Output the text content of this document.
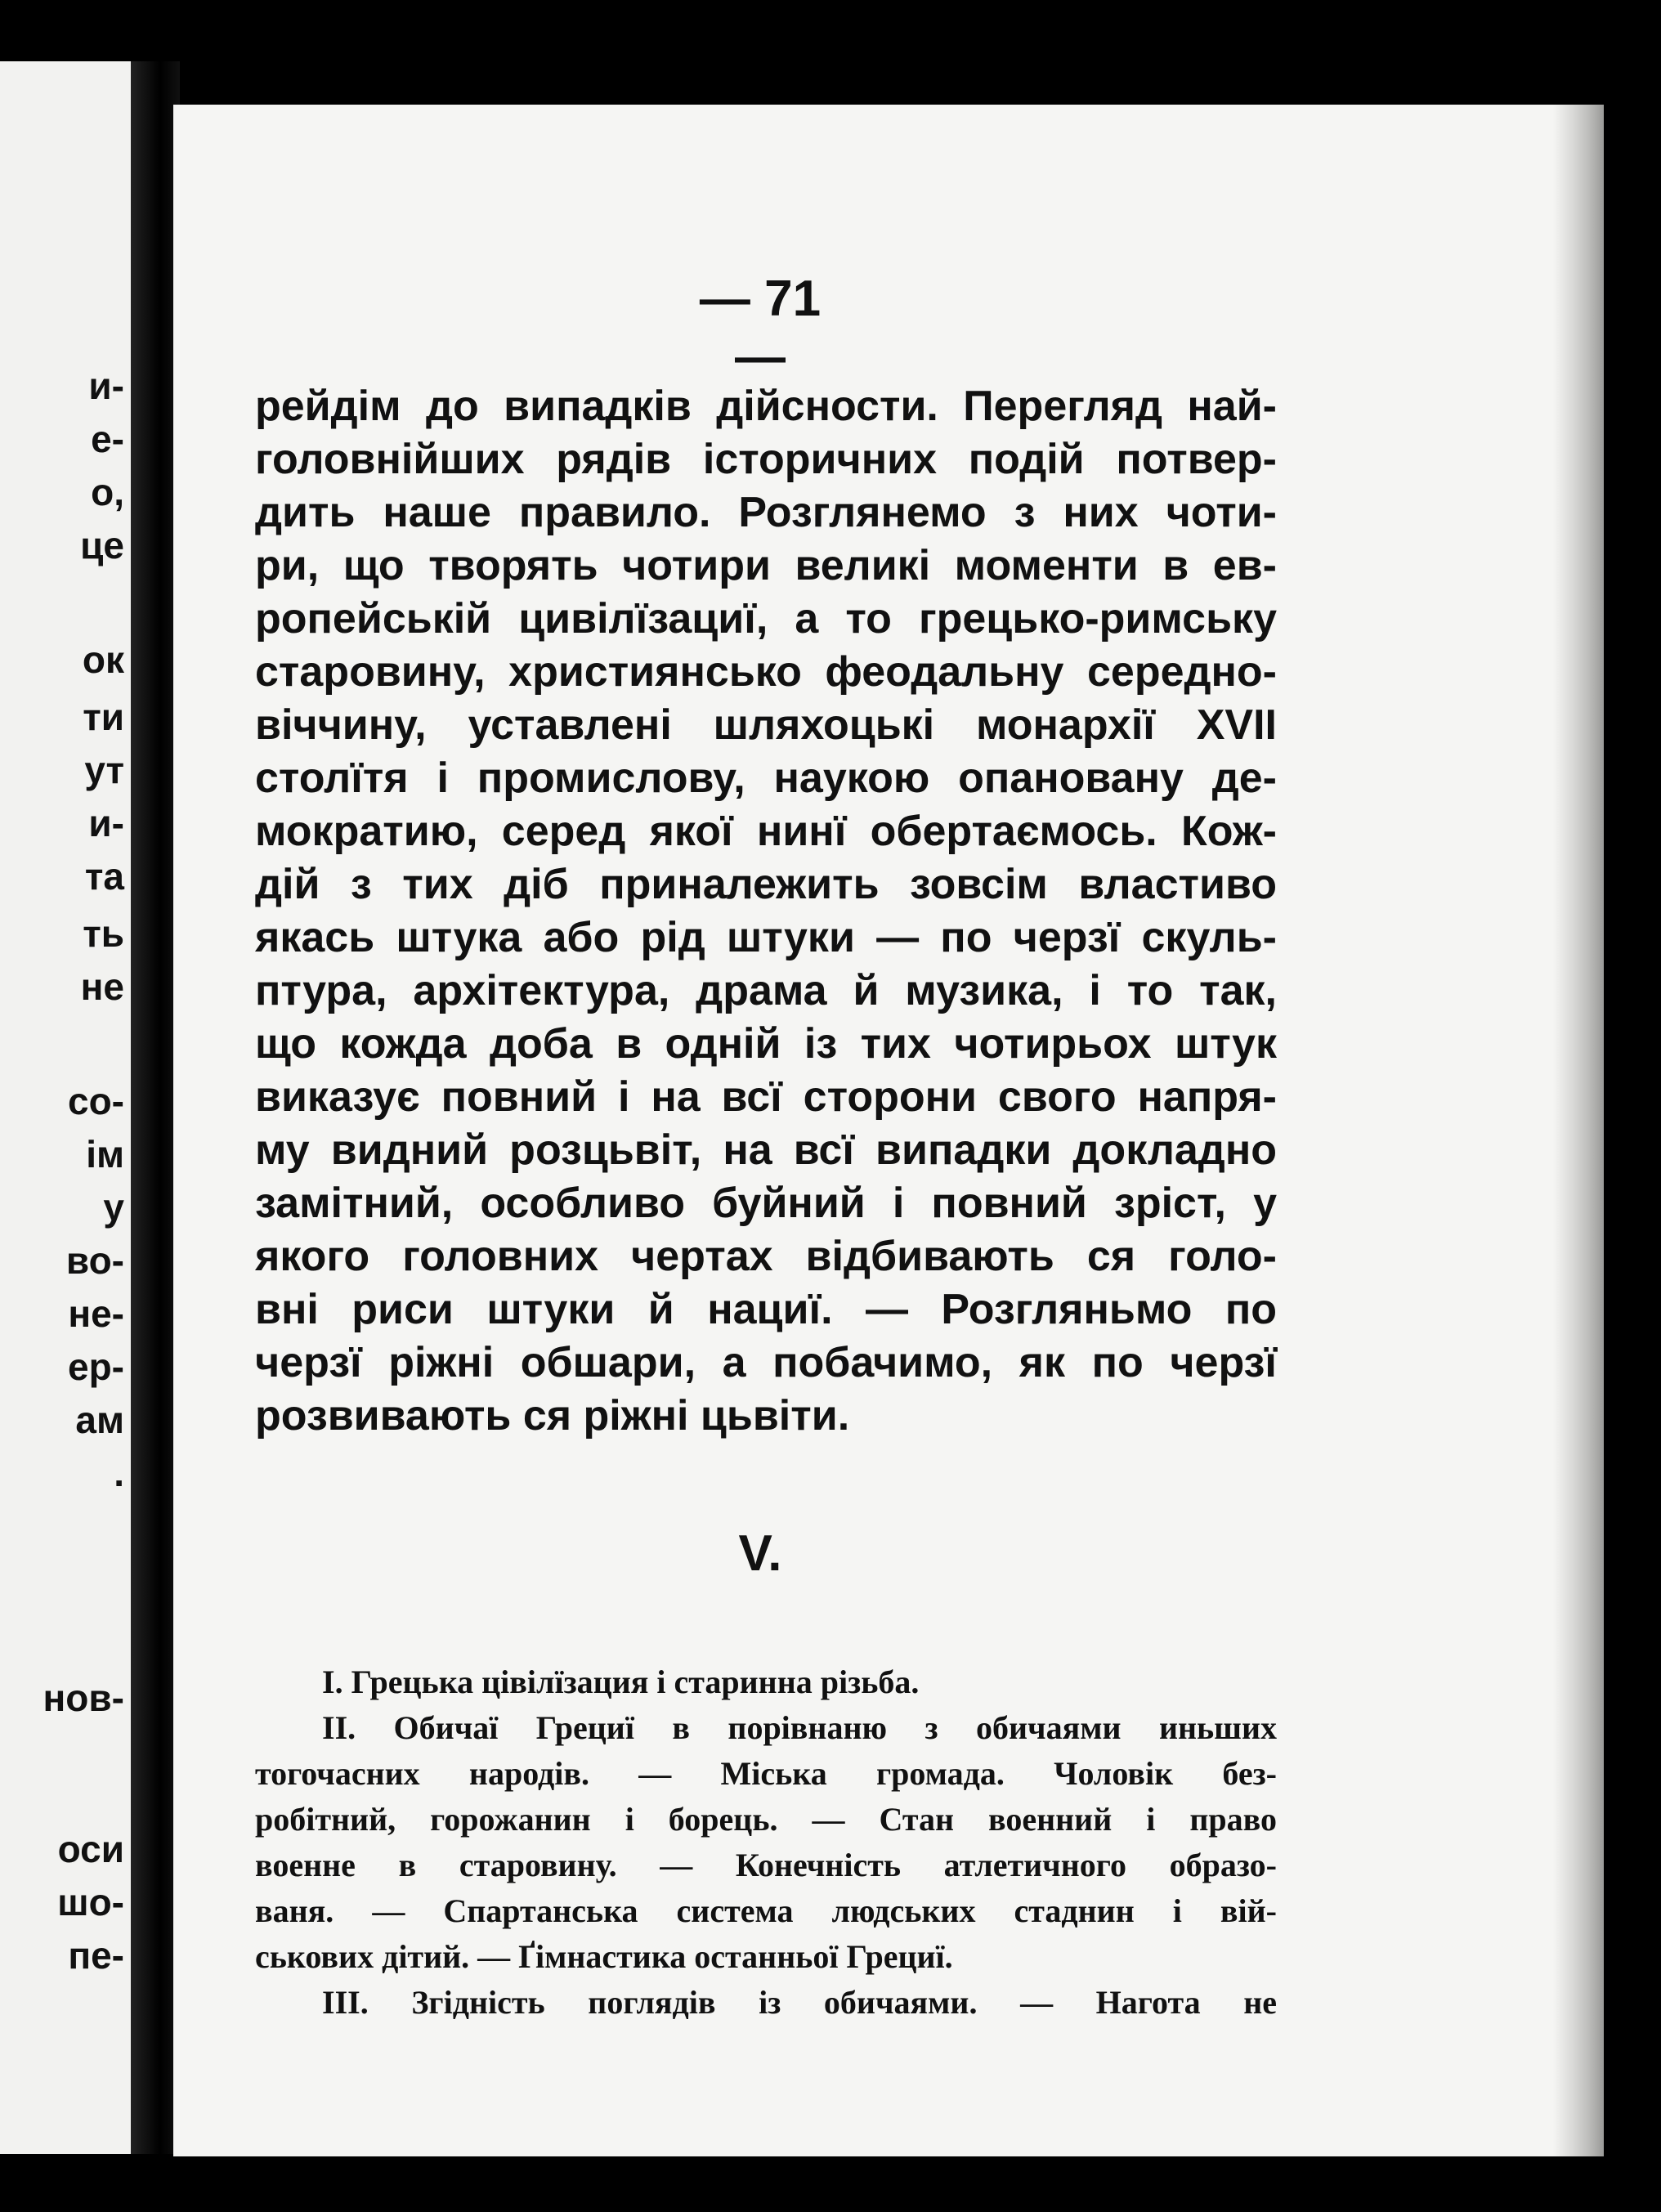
и-
е-
о,
це
ок
ти
ут
и-
та
ть
не
со-
ім
у
во-
не-
ер-
ам
.
нов-
оси
шо-
пе-
— 71 —
рейдім до випадків дійсности. Перегляд най-
головнійших рядів історичних подій потвер-
дить наше правило. Розглянемо з них чоти-
ри, що творять чотири великі моменти в ев-
ропейській цивілїзациї, а то грецько-римську
старовину, християнсько феодальну середно-
віччину, уставлені шляхоцькі монархії XVII
столїтя і промислову, наукою опановану де-
мократию, серед якої нинї обертаємось. Кож-
дій з тих діб приналежить зовсім властиво
якась штука або рід штуки — по черзї скуль-
птура, архітектура, драма й музика, і то так,
що кожда доба в одній із тих чотирьох штук
виказує повний і на всї сторони свого напря-
му видний розцьвіт, на всї випадки докладно
замітний, особливо буйний і повний зріст, у
якого головних чертах відбивають ся голо-
вні риси штуки й нациї. — Розгляньмо по
черзї ріжні обшари, а побачимо, як по черзї
розвивають ся ріжні цьвіти.
V.
I. Грецька цівілїзация і старинна різьба.
II. Обичаї Грециї в порівнаню з обичаями иньших
тогочасних народів. — Міська громада. Чоловік без-
робітний, горожанин і борець. — Стан военний і право
военне в старовину. — Конечність атлетичного образо-
ваня. — Спартанська система людських стаднин і вій-
ськових дітий. — Ґімнастика останньої Грециї.
III. Згідність поглядів із обичаями. — Нагота не
